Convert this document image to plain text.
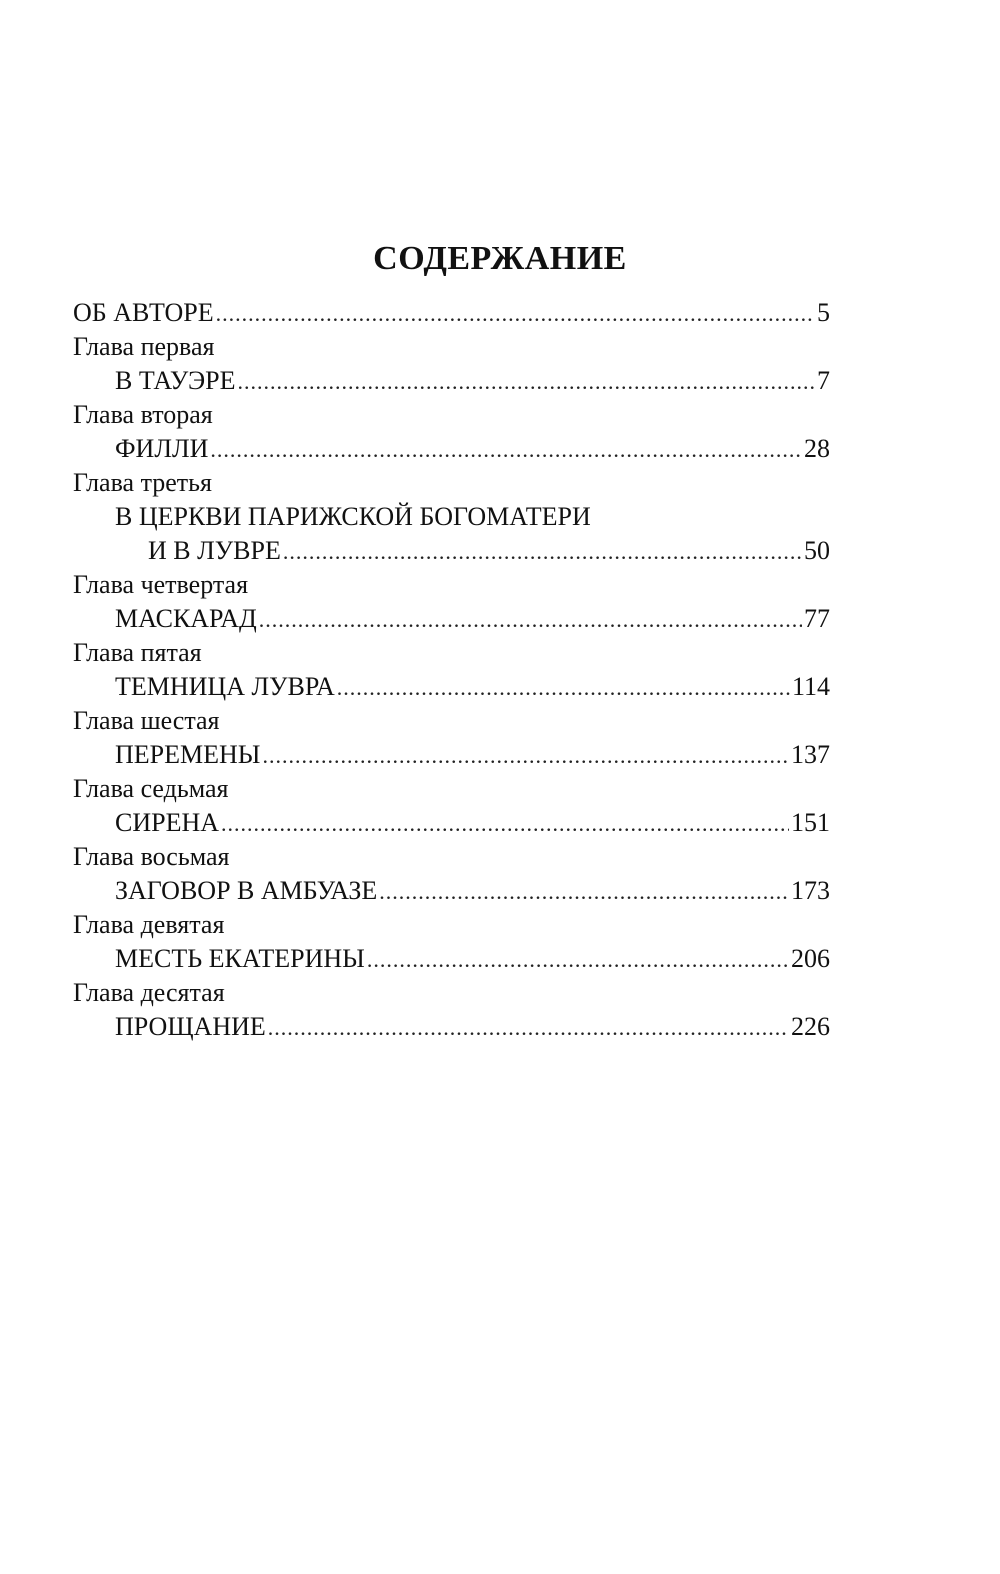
СОДЕРЖАНИЕ
ОБ АВТОРЕ .....	5
Глава первая
В ТАУЭРЕ .....	7
Глава вторая
ФИЛЛИ .....	28
Глава третья
В ЦЕРКВИ ПАРИЖСКОЙ БОГОМАТЕРИ
И В ЛУВРЕ .....	50
Глава четвертая
МАСКАРАД .....	77
Глава пятая
ТЕМНИЦА ЛУВРА .....	114
Глава шестая
ПЕРЕМЕНЫ .....	137
Глава седьмая
СИРЕНА .....	151
Глава восьмая
ЗАГОВОР В АМБУАЗЕ .....	173
Глава девятая
МЕСТЬ ЕКАТЕРИНЫ .....	206
Глава десятая
ПРОЩАНИЕ .....	226
